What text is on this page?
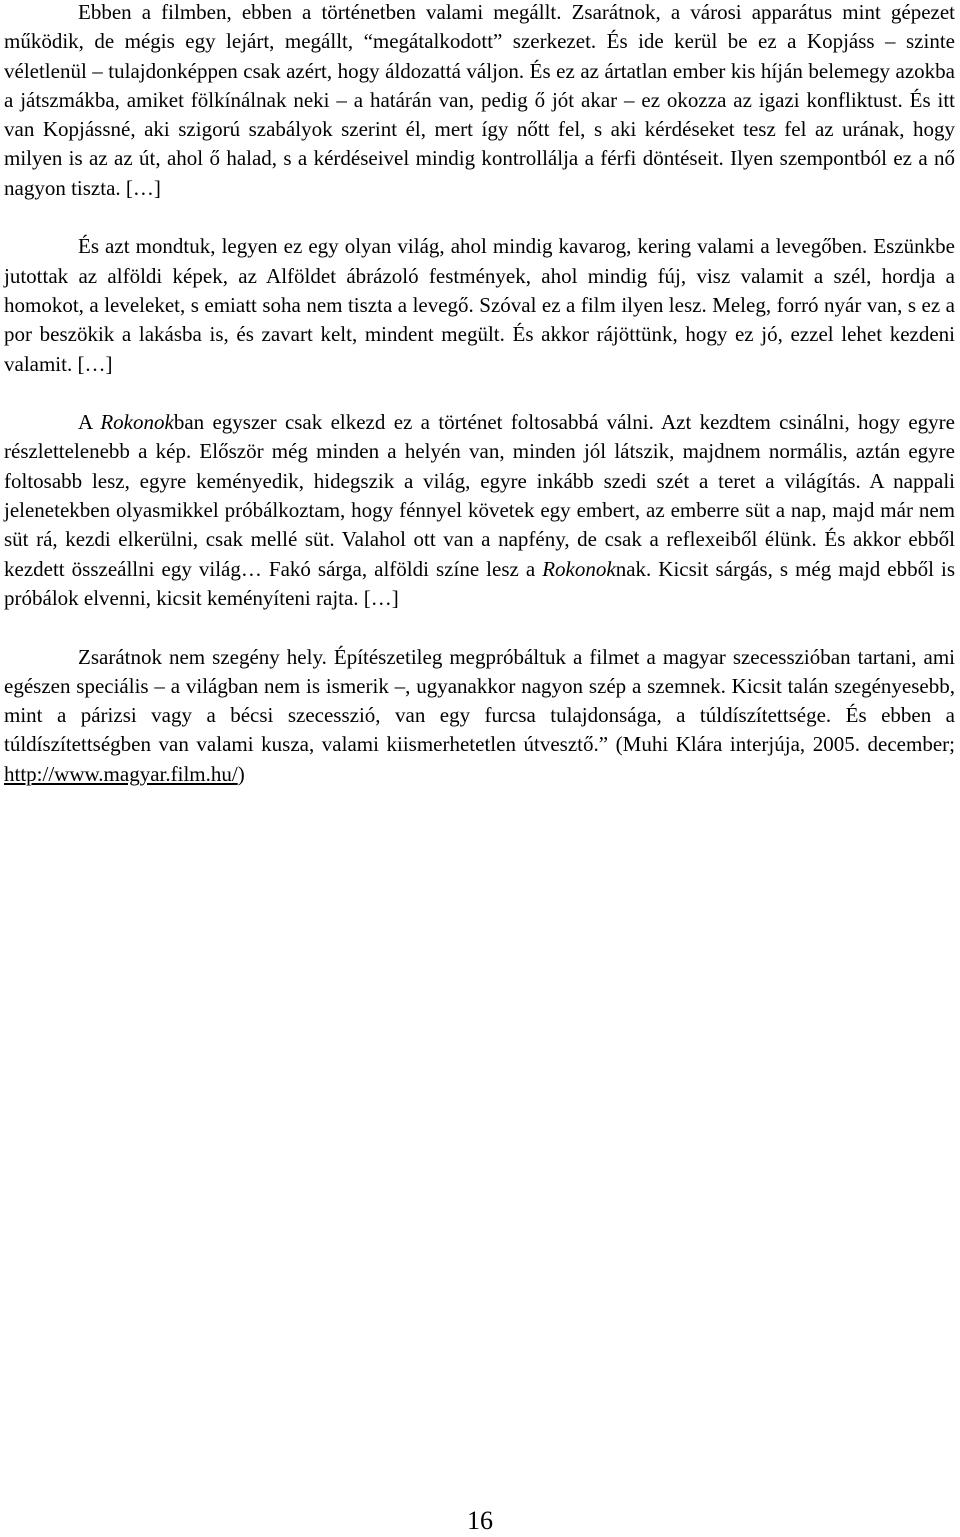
Ebben a filmben, ebben a történetben valami megállt. Zsarátnok, a városi apparátus mint gépezet működik, de mégis egy lejárt, megállt, “megátalkodott” szerkezet. És ide kerül be ez a Kopjáss – szinte véletlenül – tulajdonképpen csak azért, hogy áldozattá váljon. És ez az ártatlan ember kis híján belemegy azokba a játszmákba, amiket fölkínálnak neki – a határán van, pedig ő jót akar – ez okozza az igazi konfliktust. És itt van Kopjássné, aki szigorú szabályok szerint él, mert így nőtt fel, s aki kérdéseket tesz fel az urának, hogy milyen is az az út, ahol ő halad, s a kérdéseivel mindig kontrollálja a férfi döntéseit. Ilyen szempontból ez a nő nagyon tiszta. […]

És azt mondtuk, legyen ez egy olyan világ, ahol mindig kavarog, kering valami a levegőben. Eszünkbe jutottak az alföldi képek, az Alföldet ábrázoló festmények, ahol mindig fúj, visz valamit a szél, hordja a homokot, a leveleket, s emiatt soha nem tiszta a levegő. Szóval ez a film ilyen lesz. Meleg, forró nyár van, s ez a por beszökik a lakásba is, és zavart kelt, mindent megült. És akkor rájöttünk, hogy ez jó, ezzel lehet kezdeni valamit. […]

A Rokonokban egyszer csak elkezd ez a történet foltosabbá válni. Azt kezdtem csinálni, hogy egyre részlettelenebb a kép. Először még minden a helyén van, minden jól látszik, majdnem normális, aztán egyre foltosabb lesz, egyre keményedik, hidegszik a világ, egyre inkább szedi szét a teret a világítás. A nappali jelenetekben olyasmikkel próbálkoztam, hogy fénnyel követek egy embert, az emberre süt a nap, majd már nem süt rá, kezdi elkerülni, csak mellé süt. Valahol ott van a napfény, de csak a reflexeiből élünk. És akkor ebből kezdett összeállni egy világ… Fakó sárga, alföldi színe lesz a Rokonoknak. Kicsit sárgás, s még majd ebből is próbálok elvenni, kicsit keményíteni rajta. […]

Zsarátnok nem szegény hely. Építészetileg megpróbáltuk a filmet a magyar szecesszióban tartani, ami egészen speciális – a világban nem is ismerik –, ugyanakkor nagyon szép a szemnek. Kicsit talán szegényesebb, mint a párizsi vagy a bécsi szecesszió, van egy furcsa tulajdonsága, a túldíszítettsége. És ebben a túldíszítettségben van valami kusza, valami kiismerhetetlen útvesztő.” (Muhi Klára interjúja, 2005. december; http://www.magyar.film.hu/)

16
